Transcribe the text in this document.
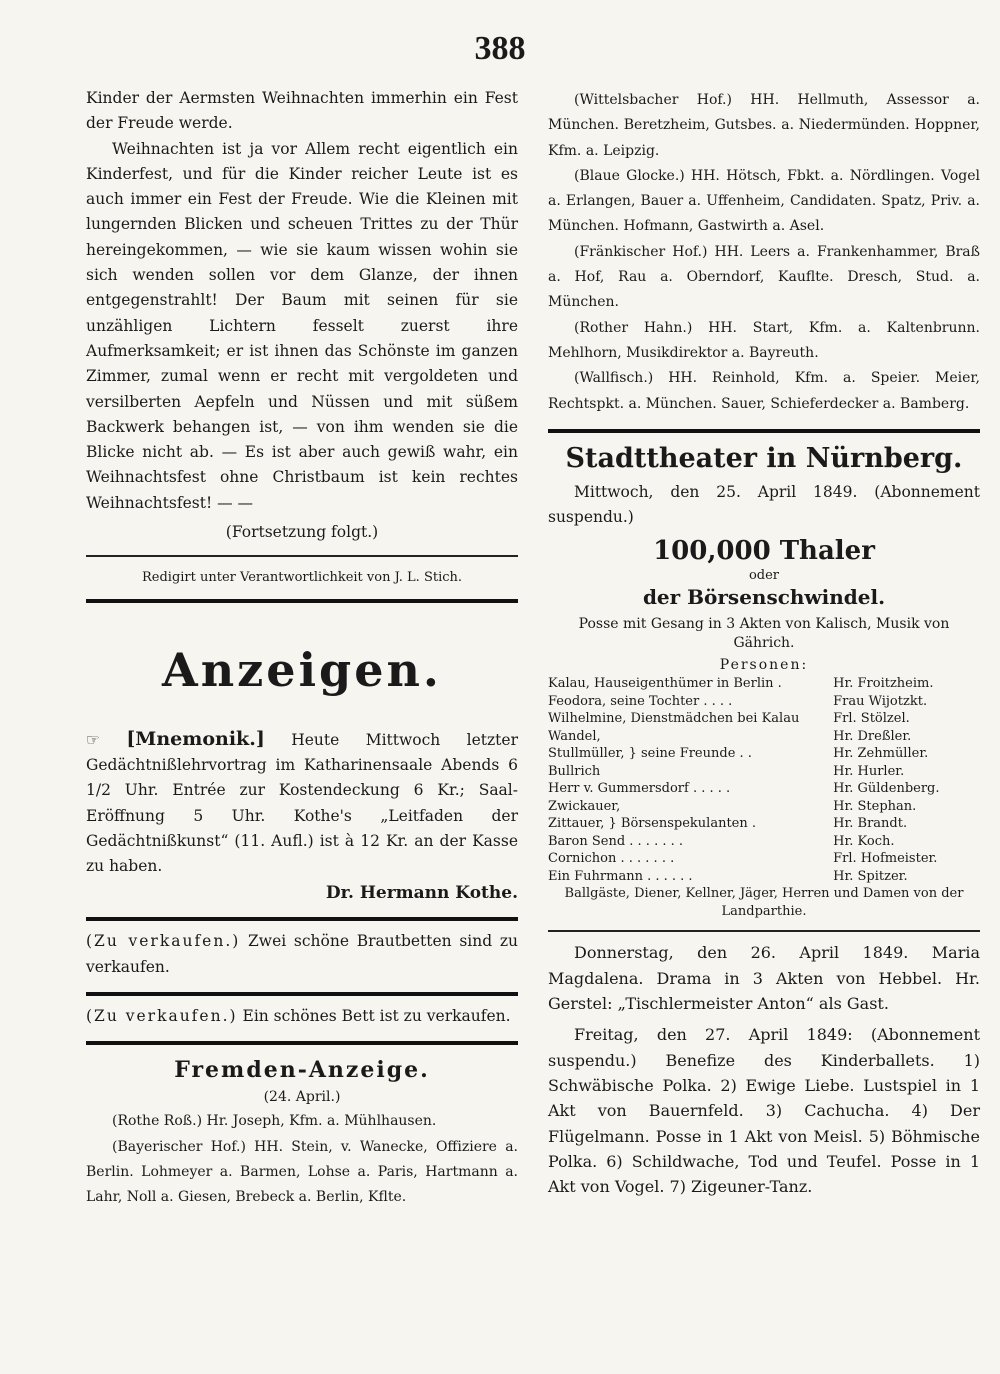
388

Kinder der Aermsten Weihnachten immerhin ein Fest der Freude werde.

Weihnachten ist ja vor Allem recht eigentlich ein Kinderfest, und für die Kinder reicher Leute ist es auch immer ein Fest der Freude. Wie die Kleinen mit lungernden Blicken und scheuen Trittes zu der Thür hereingekommen, — wie sie kaum wissen wohin sie sich wenden sollen vor dem Glanze, der ihnen entgegenstrahlt! Der Baum mit seinen für sie unzähligen Lichtern fesselt zuerst ihre Aufmerksamkeit; er ist ihnen das Schönste im ganzen Zimmer, zumal wenn er recht mit vergoldeten und versilberten Aepfeln und Nüssen und mit süßem Backwerk behangen ist, — von ihm wenden sie die Blicke nicht ab. — Es ist aber auch gewiß wahr, ein Weihnachtsfest ohne Christbaum ist kein rechtes Weihnachtsfest! — —

(Fortsetzung folgt.)

Redigirt unter Verantwortlichkeit von J. L. Stich.

Anzeigen.

☞ [Mnemonik.] Heute Mittwoch letzter Gedächtnißlehrvortrag im Katharinensaale Abends 6 1/2 Uhr. Entrée zur Kostendeckung 6 Kr.; Saal-Eröffnung 5 Uhr. Kothe's „Leitfaden der Gedächtnißkunst“ (11. Aufl.) ist à 12 Kr. an der Kasse zu haben.

Dr. Hermann Kothe.

(Zu verkaufen.) Zwei schöne Brautbetten sind zu verkaufen.

(Zu verkaufen.) Ein schönes Bett ist zu verkaufen.

Fremden-Anzeige.
(24. April.)

(Rothe Roß.) Hr. Joseph, Kfm. a. Mühlhausen.

(Bayerischer Hof.) HH. Stein, v. Wanecke, Offiziere a. Berlin. Lohmeyer a. Barmen, Lohse a. Paris, Hartmann a. Lahr, Noll a. Giesen, Brebeck a. Berlin, Kflte.

(Wittelsbacher Hof.) HH. Hellmuth, Assessor a. München. Beretzheim, Gutsbes. a. Niedermünden. Hoppner, Kfm. a. Leipzig.

(Blaue Glocke.) HH. Hötsch, Fbkt. a. Nördlingen. Vogel a. Erlangen, Bauer a. Uffenheim, Candidaten. Spatz, Priv. a. München. Hofmann, Gastwirth a. Asel.

(Fränkischer Hof.) HH. Leers a. Frankenhammer, Braß a. Hof, Rau a. Oberndorf, Kaufltе. Dresch, Stud. a. München.

(Rother Hahn.) HH. Start, Kfm. a. Kaltenbrunn. Mehlhorn, Musikdirektor a. Bayreuth.

(Wallfisch.) HH. Reinhold, Kfm. a. Speier. Meier, Rechtspkt. a. München. Sauer, Schieferdecker a. Bamberg.

Stadttheater in Nürnberg.

Mittwoch, den 25. April 1849. (Abonnement suspendu.)

100,000 Thaler
oder
der Börsenschwindel.

Posse mit Gesang in 3 Akten von Kalisch, Musik von Gährich.

Personen:
Kalau, Hauseigenthümer in Berlin .	Hr. Froitzheim.
Feodora, seine Tochter . . . .	Frau Wijotzkt.
Wilhelmine, Dienstmädchen bei Kalau	Frl. Stölzel.
Wandel,	Hr. Dreßler.
Stullmüller, } seine Freunde . .	Hr. Zehmüller.
Bullrich	Hr. Hurler.
Herr v. Gummersdorf . . . . .	Hr. Güldenberg.
Zwickauer,	Hr. Stephan.
Zittauer, } Börsenspekulanten .	Hr. Brandt.
Baron Send . . . . . . .	Hr. Koch.
Cornichon . . . . . . .	Frl. Hofmeister.
Ein Fuhrmann . . . . . .	Hr. Spitzer.

Ballgäste, Diener, Kellner, Jäger, Herren und Damen von der Landparthie.

Donnerstag, den 26. April 1849. Maria Magdalena. Drama in 3 Akten von Hebbel. Hr. Gerstel: „Tischlermeister Anton“ als Gast.

Freitag, den 27. April 1849: (Abonnement suspendu.) Benefize des Kinderballets. 1) Schwäbische Polka. 2) Ewige Liebe. Lustspiel in 1 Akt von Bauernfeld. 3) Cachucha. 4) Der Flügelmann. Posse in 1 Akt von Meisl. 5) Böhmische Polka. 6) Schildwache, Tod und Teufel. Posse in 1 Akt von Vogel. 7) Zigeuner-Tanz.
